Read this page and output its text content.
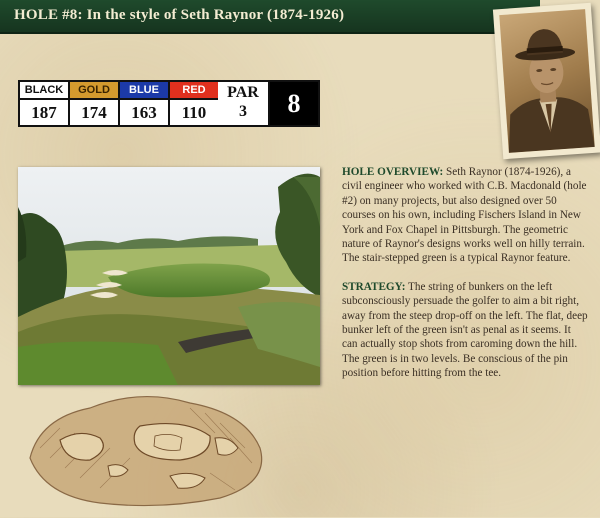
HOLE #8: In the style of Seth Raynor (1874-1926)
BLACK
187
GOLD
174
BLUE
163
RED
110
PAR
3	8

HOLE OVERVIEW: Seth Raynor (1874-1926), a civil engineer who worked with C.B. Macdonald (hole #2) on many projects, but also designed over 50 courses on his own, including Fischers Island in New York and Fox Chapel in Pittsburgh. The geometric nature of Raynor's designs works well on hilly terrain. The stair-stepped green is a typical Raynor feature.

STRATEGY: The string of bunkers on the left subconsciously persuade the golfer to aim a bit right, away from the steep drop-off on the left. The flat, deep bunker left of the green isn't as penal as it seems. It can actually stop shots from caroming down the hill. The green is in two levels. Be conscious of the pin position before hitting from the tee.
